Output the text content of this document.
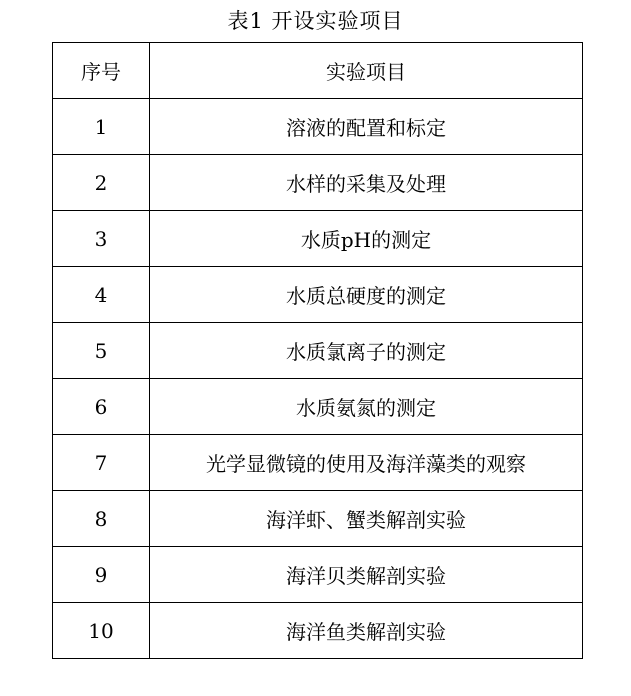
表1 开设实验项目
序号	实验项目
1	溶液的配置和标定
2	水样的采集及处理
3	水质pH的测定
4	水质总硬度的测定
5	水质氯离子的测定
6	水质氨氮的测定
7	光学显微镜的使用及海洋藻类的观察
8	海洋虾、蟹类解剖实验
9	海洋贝类解剖实验
10	海洋鱼类解剖实验
